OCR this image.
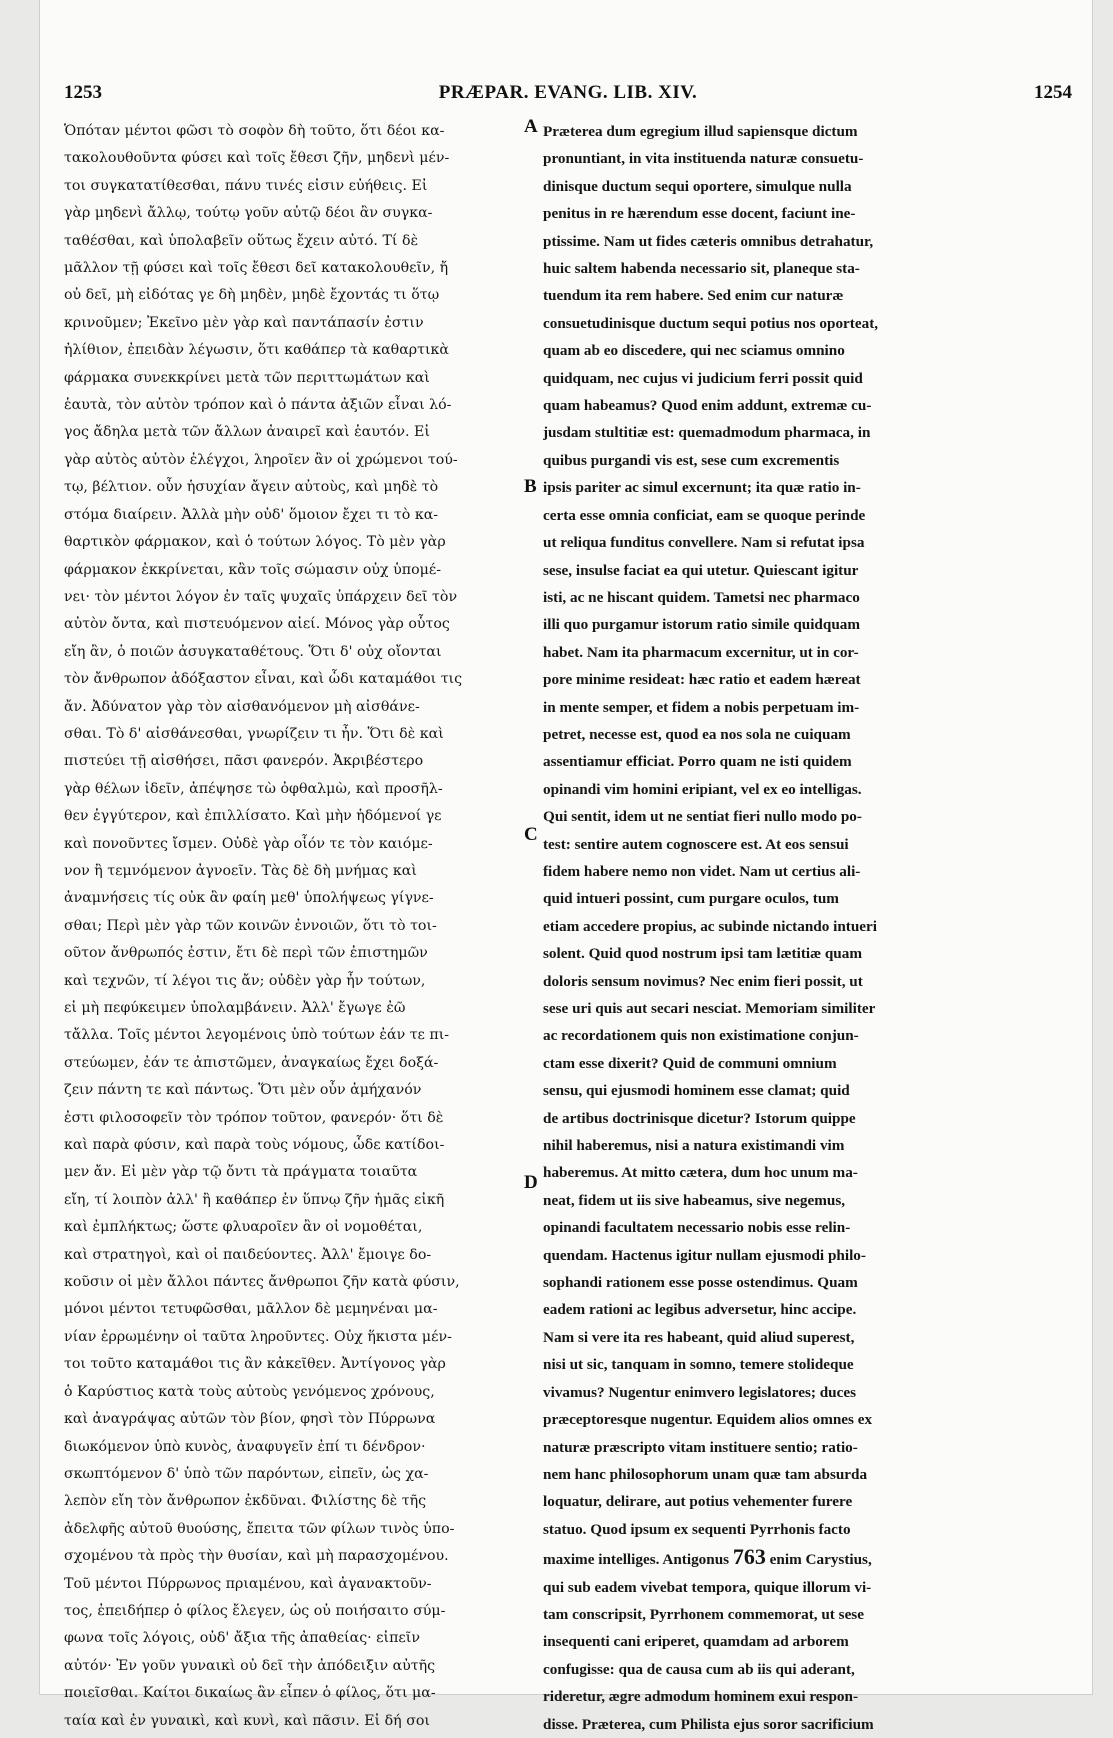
1253	PRÆPAR. EVANG. LIB. XIV.	1254
Ὁπόταν μέντοι φῶσι τὸ σοφὸν δὴ τοῦτο, ὅτι δέοι κα-
τακολουθοῦντα φύσει καὶ τοῖς ἔθεσι ζῆν, μηδενὶ μέν-
τοι συγκατατίθεσθαι, πάνυ τινές εἰσιν εὐήθεις. Εἰ
γὰρ μηδενὶ ἄλλῳ, τούτῳ γοῦν αὐτῷ δέοι ἂν συγκα-
ταθέσθαι, καὶ ὑπολαβεῖν οὕτως ἔχειν αὐτό. Τί δὲ
μᾶλλον τῇ φύσει καὶ τοῖς ἔθεσι δεῖ κατακολουθεῖν, ἤ
οὐ δεῖ, μὴ εἰδότας γε δὴ μηδὲν, μηδὲ ἔχοντάς τι ὅτῳ
κρινοῦμεν; Ἐκεῖνο μὲν γὰρ καὶ παντάπασίν ἐστιν
ἠλίθιον, ἐπειδὰν λέγωσιν, ὅτι καθάπερ τὰ καθαρτικὰ
φάρμακα συνεκκρίνει μετὰ τῶν περιττωμάτων καὶ
ἑαυτὰ, τὸν αὐτὸν τρόπον καὶ ὁ πάντα ἀξιῶν εἶναι λό-
γος ἄδηλα μετὰ τῶν ἄλλων ἀναιρεῖ καὶ ἑαυτόν. Εἰ
γὰρ αὐτὸς αὑτὸν ἐλέγχοι, ληροῖεν ἂν οἱ χρώμενοι τού-
τῳ, βέλτιον. οὖν ἡσυχίαν ἄγειν αὐτοὺς, καὶ μηδὲ τὸ
στόμα διαίρειν. Ἀλλὰ μὴν οὐδ' ὅμοιον ἔχει τι τὸ κα-
θαρτικὸν φάρμακον, καὶ ὁ τούτων λόγος. Τὸ μὲν γὰρ
φάρμακον ἐκκρίνεται, κἂν τοῖς σώμασιν οὐχ ὑπομέ-
νει· τὸν μέντοι λόγον ἐν ταῖς ψυχαῖς ὑπάρχειν δεῖ τὸν
αὐτὸν ὄντα, καὶ πιστευόμενον αἰεί. Μόνος γὰρ οὗτος
εἴη ἂν, ὁ ποιῶν ἀσυγκαταθέτους. Ὅτι δ' οὐχ οἴονται
τὸν ἄνθρωπον ἀδόξαστον εἶναι, καὶ ὧδι καταμάθοι τις
ἄν. Ἀδύνατον γὰρ τὸν αἰσθανόμενον μὴ αἰσθάνε-
σθαι. Τὸ δ' αἰσθάνεσθαι, γνωρίζειν τι ἦν. Ὅτι δὲ καὶ
πιστεύει τῇ αἰσθήσει, πᾶσι φανερόν. Ἀκριβέστερο
γὰρ θέλων ἰδεῖν, ἀπέψησε τὼ ὀφθαλμὼ, καὶ προσῆλ-
θεν ἐγγύτερον, καὶ ἐπιλλίσατο. Καὶ μὴν ἡδόμενοί γε
καὶ πονοῦντες ἴσμεν. Οὐδὲ γὰρ οἷόν τε τὸν καιόμε-
νον ἢ τεμνόμενον ἀγνοεῖν. Τὰς δὲ δὴ μνήμας καὶ
ἀναμνήσεις τίς οὐκ ἂν φαίη μεθ' ὑπολήψεως γίγνε-
σθαι; Περὶ μὲν γὰρ τῶν κοινῶν ἐννοιῶν, ὅτι τὸ τοι-
οῦτον ἄνθρωπός ἐστιν, ἔτι δὲ περὶ τῶν ἐπιστημῶν
καὶ τεχνῶν, τί λέγοι τις ἄν; οὐδὲν γὰρ ἦν τούτων,
εἰ μὴ πεφύκειμεν ὑπολαμβάνειν. Ἀλλ' ἔγωγε ἐῶ
τἄλλα. Τοῖς μέντοι λεγομένοις ὑπὸ τούτων ἐάν τε πι-
στεύωμεν, ἐάν τε ἀπιστῶμεν, ἀναγκαίως ἔχει δοξά-
ζειν πάντη τε καὶ πάντως. Ὅτι μὲν οὖν ἀμήχανόν
ἐστι φιλοσοφεῖν τὸν τρόπον τοῦτον, φανερόν· ὅτι δὲ
καὶ παρὰ φύσιν, καὶ παρὰ τοὺς νόμους, ὧδε κατίδοι-
μεν ἄν. Εἰ μὲν γὰρ τῷ ὄντι τὰ πράγματα τοιαῦτα
εἴη, τί λοιπὸν ἀλλ' ἢ καθάπερ ἐν ὕπνῳ ζῆν ἡμᾶς εἰκῆ
καὶ ἐμπλήκτως; ὥστε φλυαροῖεν ἂν οἱ νομοθέται,
καὶ στρατηγοὶ, καὶ οἱ παιδεύοντες. Ἀλλ' ἔμοιγε δο-
κοῦσιν οἱ μὲν ἄλλοι πάντες ἄνθρωποι ζῆν κατὰ φύσιν,
μόνοι μέντοι τετυφῶσθαι, μᾶλλον δὲ μεμηνέναι μα-
νίαν ἐρρωμένην οἱ ταῦτα ληροῦντες. Οὐχ ἥκιστα μέν-
τοι τοῦτο καταμάθοι τις ἂν κἀκεῖθεν. Ἀντίγονος γὰρ
ὁ Καρύστιος κατὰ τοὺς αὐτοὺς γενόμενος χρόνους,
καὶ ἀναγράψας αὐτῶν τὸν βίον, φησὶ τὸν Πύρρωνα
διωκόμενον ὑπὸ κυνὸς, ἀναφυγεῖν ἐπί τι δένδρον·
σκωπτόμενον δ' ὑπὸ τῶν παρόντων, εἰπεῖν, ὡς χα-
λεπὸν εἴη τὸν ἄνθρωπον ἐκδῦναι. Φιλίστης δὲ τῆς
ἀδελφῆς αὐτοῦ θυούσης, ἔπειτα τῶν φίλων τινὸς ὑπο-
σχομένου τὰ πρὸς τὴν θυσίαν, καὶ μὴ παρασχομένου.
Τοῦ μέντοι Πύρρωνος πριαμένου, καὶ ἀγανακτοῦν-
τος, ἐπειδήπερ ὁ φίλος ἔλεγεν, ὡς οὐ ποιήσαιτο σύμ-
φωνα τοῖς λόγοις, οὐδ' ἄξια τῆς ἀπαθείας· εἰπεῖν
αὐτόν· Ἐν γοῦν γυναικὶ οὐ δεῖ τὴν ἀπόδειξιν αὐτῆς
ποιεῖσθαι. Καίτοι δικαίως ἂν εἶπεν ὁ φίλος, ὅτι μα-
ταία καὶ ἐν γυναικὶ, καὶ κυνὶ, καὶ πᾶσιν. Εἰ δή σοι
A
B
C
D
Præterea dum egregium illud sapiensque dictum
pronuntiant, in vita instituenda naturæ consuetu-
dinisque ductum sequi oportere, simulque nulla
penitus in re hærendum esse docent, faciunt ine-
ptissime. Nam ut fides cæteris omnibus detrahatur,
huic saltem habenda necessario sit, planeque sta-
tuendum ita rem habere. Sed enim cur naturæ
consuetudinisque ductum sequi potius nos oporteat,
quam ab eo discedere, qui nec sciamus omnino
quidquam, nec cujus vi judicium ferri possit quid
quam habeamus? Quod enim addunt, extremæ cu-
jusdam stultitiæ est: quemadmodum pharmaca, in
quibus purgandi vis est, sese cum excrementis
ipsis pariter ac simul excernunt; ita quæ ratio in-
certa esse omnia conficiat, eam se quoque perinde
ut reliqua funditus convellere. Nam si refutat ipsa
sese, insulse faciat ea qui utetur. Quiescant igitur
isti, ac ne hiscant quidem. Tametsi nec pharmaco
illi quo purgamur istorum ratio simile quidquam
habet. Nam ita pharmacum excernitur, ut in cor-
pore minime resideat: hæc ratio et eadem hæreat
in mente semper, et fidem a nobis perpetuam im-
petret, necesse est, quod ea nos sola ne cuiquam
assentiamur efficiat. Porro quam ne isti quidem
opinandi vim homini eripiant, vel ex eo intelligas.
Qui sentit, idem ut ne sentiat fieri nullo modo po-
test: sentire autem cognoscere est. At eos sensui
fidem habere nemo non videt. Nam ut certius ali-
quid intueri possint, cum purgare oculos, tum
etiam accedere propius, ac subinde nictando intueri
solent. Quid quod nostrum ipsi tam lætitiæ quam
doloris sensum novimus? Nec enim fieri possit, ut
sese uri quis aut secari nesciat. Memoriam similiter
ac recordationem quis non existimatione conjun-
ctam esse dixerit? Quid de communi omnium
sensu, qui ejusmodi hominem esse clamat; quid
de artibus doctrinisque dicetur? Istorum quippe
nihil haberemus, nisi a natura existimandi vim
haberemus. At mitto cætera, dum hoc unum ma-
neat, fidem ut iis sive habeamus, sive negemus,
opinandi facultatem necessario nobis esse relin-
quendam. Hactenus igitur nullam ejusmodi philo-
sophandi rationem esse posse ostendimus. Quam
eadem rationi ac legibus adversetur, hinc accipe.
Nam si vere ita res habeant, quid aliud superest,
nisi ut sic, tanquam in somno, temere stolideque
vivamus? Nugentur enimvero legislatores; duces
præceptoresque nugentur. Equidem alios omnes ex
naturæ præscripto vitam instituere sentio; ratio-
nem hanc philosophorum unam quæ tam absurda
loquatur, delirare, aut potius vehementer furere
statuo. Quod ipsum ex sequenti Pyrrhonis facto
maxime intelliges. Antigonus 763 enim Carystius,
qui sub eadem vivebat tempora, quique illorum vi-
tam conscripsit, Pyrrhonem commemorat, ut sese
insequenti cani eriperet, quamdam ad arborem
confugisse: qua de causa cum ab iis qui aderant,
rideretur, ægre admodum hominem exui respon-
disse. Præterea, cum Philista ejus soror sacrificium
